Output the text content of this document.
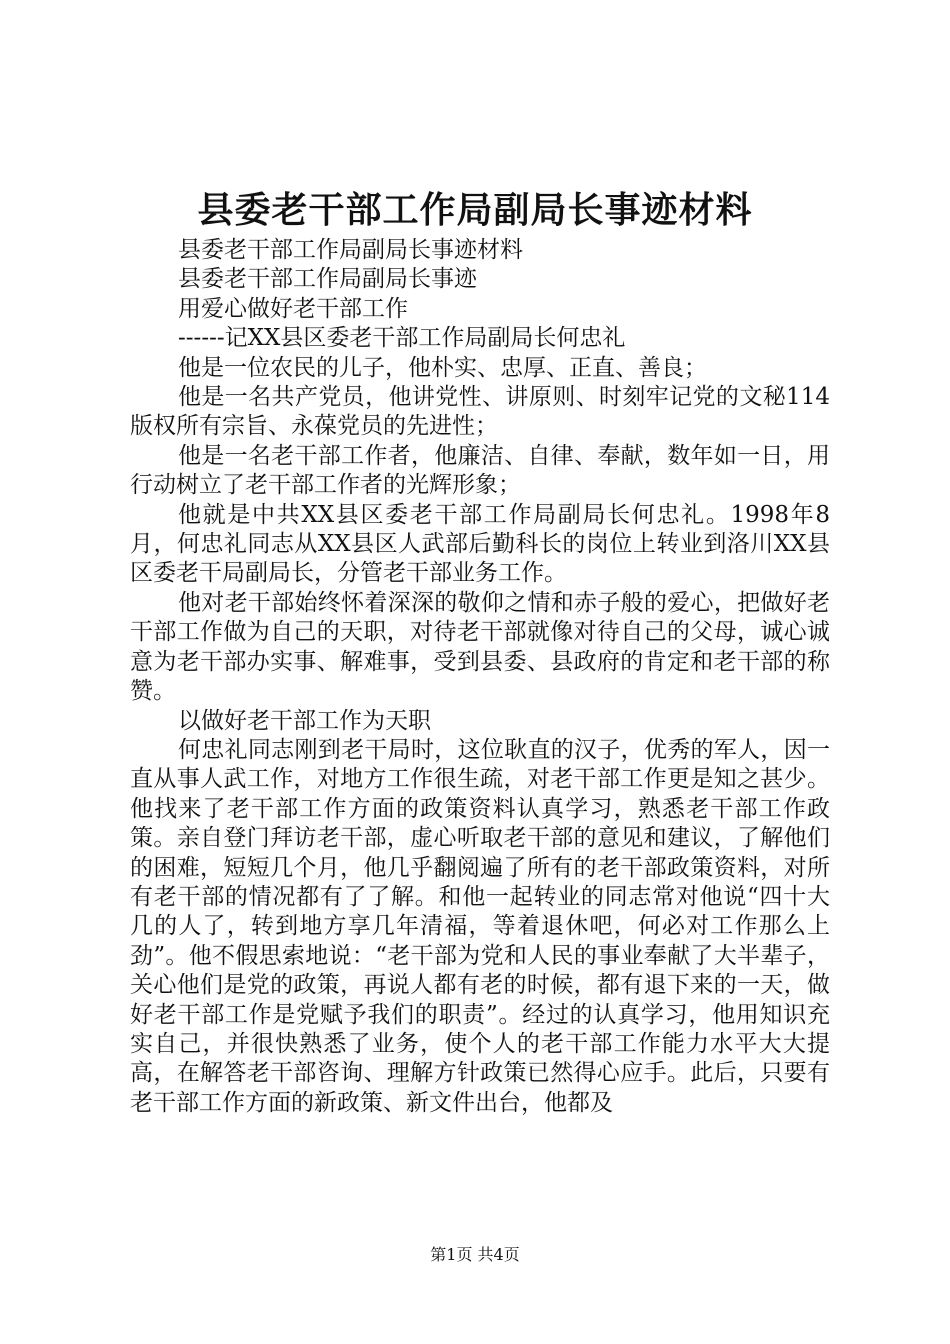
县委老干部工作局副局长事迹材料

县委老干部工作局副局长事迹材料

县委老干部工作局副局长事迹

用爱心做好老干部工作

------记XX县区委老干部工作局副局长何忠礼

他是一位农民的儿子，他朴实、忠厚、正直、善良；

他是一名共产党员，他讲党性、讲原则、时刻牢记党的文秘114版权所有宗旨、永葆党员的先进性；

他是一名老干部工作者，他廉洁、自律、奉献，数年如一日，用行动树立了老干部工作者的光辉形象；

他就是中共XX县区委老干部工作局副局长何忠礼。1998年8月，何忠礼同志从XX县区人武部后勤科长的岗位上转业到洛川XX县区委老干局副局长，分管老干部业务工作。

他对老干部始终怀着深深的敬仰之情和赤子般的爱心，把做好老干部工作做为自己的天职，对待老干部就像对待自己的父母，诚心诚意为老干部办实事、解难事，受到县委、县政府的肯定和老干部的称赞。

以做好老干部工作为天职

何忠礼同志刚到老干局时，这位耿直的汉子，优秀的军人，因一直从事人武工作，对地方工作很生疏，对老干部工作更是知之甚少。他找来了老干部工作方面的政策资料认真学习，熟悉老干部工作政策。亲自登门拜访老干部，虚心听取老干部的意见和建议，了解他们的困难，短短几个月，他几乎翻阅遍了所有的老干部政策资料，对所有老干部的情况都有了了解。和他一起转业的同志常对他说“四十大几的人了，转到地方享几年清福，等着退休吧，何必对工作那么上劲”。他不假思索地说：“老干部为党和人民的事业奉献了大半辈子，关心他们是党的政策，再说人都有老的时候，都有退下来的一天，做好老干部工作是党赋予我们的职责”。经过的认真学习，他用知识充实自己，并很快熟悉了业务，使个人的老干部工作能力水平大大提高，在解答老干部咨询、理解方针政策已然得心应手。此后，只要有老干部工作方面的新政策、新文件出台，他都及

第1页 共4页
